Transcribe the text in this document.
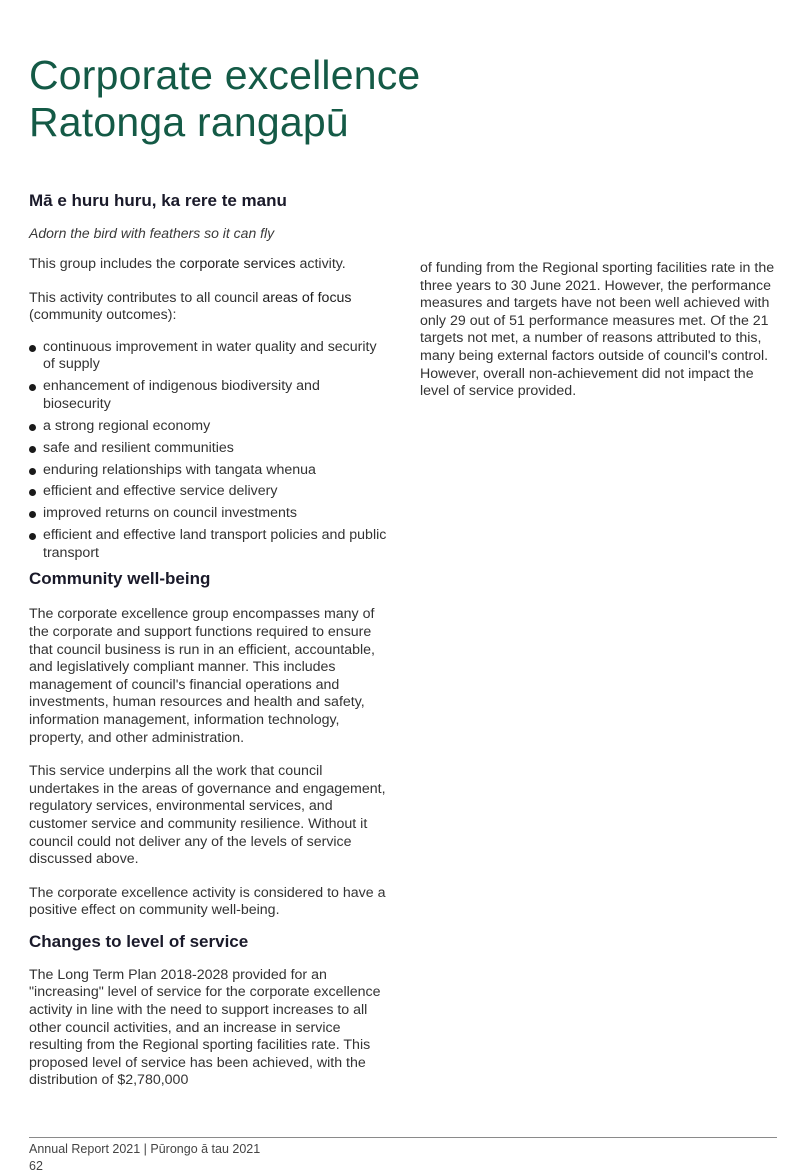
Corporate excellence
Ratonga rangapū
Mā e huru huru, ka rere te manu

Adorn the bird with feathers so it can fly

This group includes the corporate services activity.

This activity contributes to all council areas of focus (community outcomes):

continuous improvement in water quality and security of supply
enhancement of indigenous biodiversity and biosecurity
a strong regional economy
safe and resilient communities
enduring relationships with tangata whenua
efficient and effective service delivery
improved returns on council investments
efficient and effective land transport policies and public transport
Community well-being

The corporate excellence group encompasses many of the corporate and support functions required to ensure that council business is run in an efficient, accountable, and legislatively compliant manner. This includes management of council's financial operations and investments, human resources and health and safety, information management, information technology, property, and other administration.

This service underpins all the work that council undertakes in the areas of governance and engagement, regulatory services, environmental services, and customer service and community resilience. Without it council could not deliver any of the levels of service discussed above.

The corporate excellence activity is considered to have a positive effect on community well-being.

Changes to level of service

The Long Term Plan 2018-2028 provided for an "increasing" level of service for the corporate excellence activity in line with the need to support increases to all other council activities, and an increase in service resulting from the Regional sporting facilities rate. This proposed level of service has been achieved, with the distribution of $2,780,000

of funding from the Regional sporting facilities rate in the three years to 30 June 2021. However, the performance measures and targets have not been well achieved with only 29 out of 51 performance measures met. Of the 21 targets not met, a number of reasons attributed to this, many being external factors outside of council's control. However, overall non-achievement did not impact the level of service provided.

Annual Report 2021 | Pūrongo ā tau 2021
62
